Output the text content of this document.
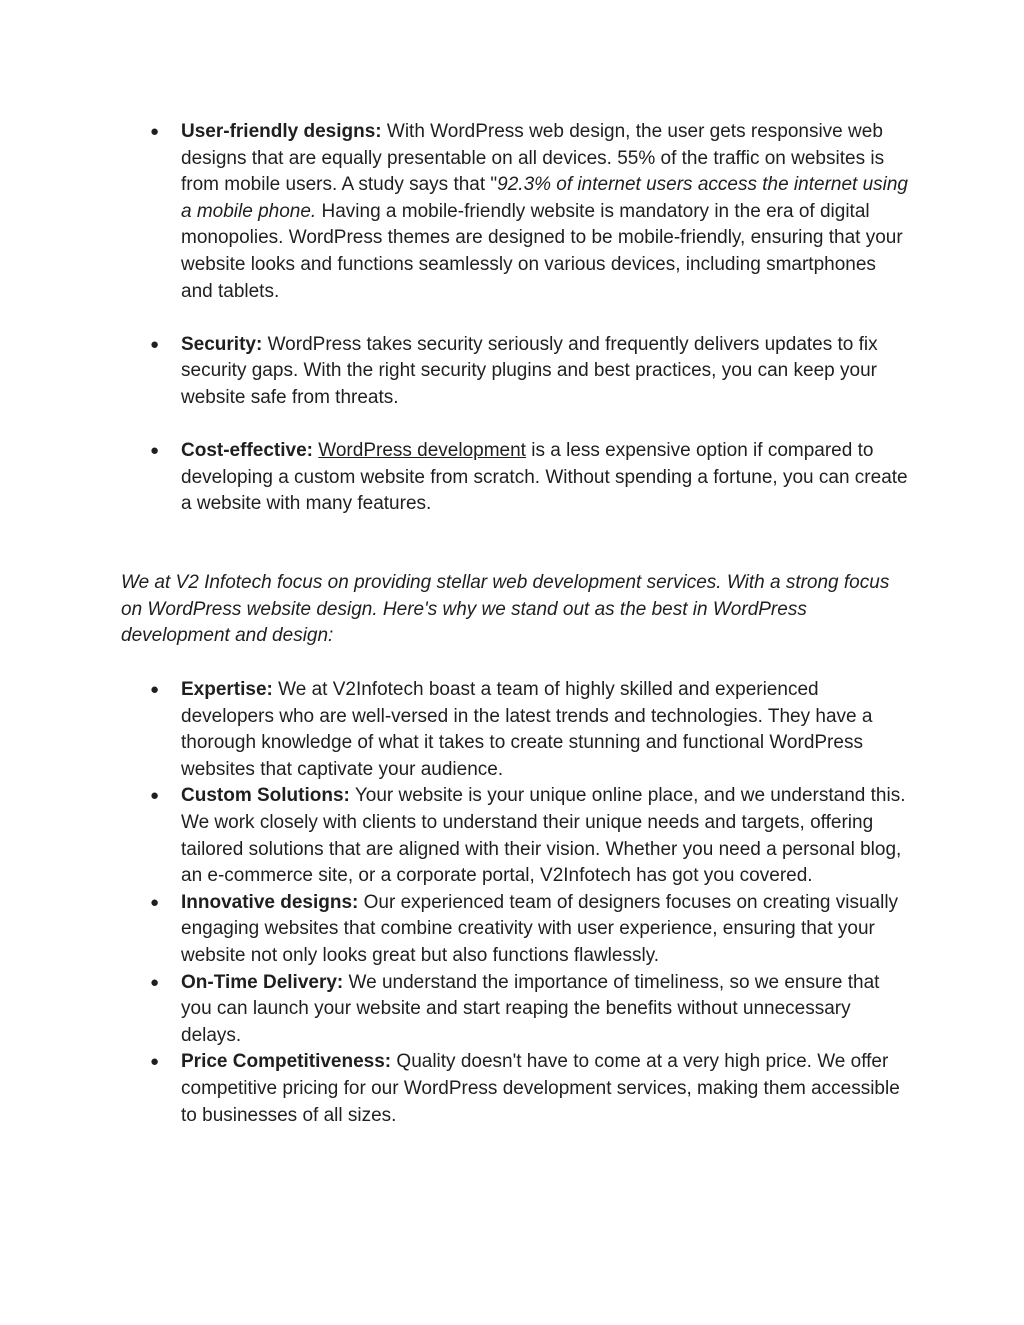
● User-friendly designs: With WordPress web design, the user gets responsive web designs that are equally presentable on all devices. 55% of the traffic on websites is from mobile users. A study says that "92.3% of internet users access the internet using a mobile phone. Having a mobile-friendly website is mandatory in the era of digital monopolies. WordPress themes are designed to be mobile-friendly, ensuring that your website looks and functions seamlessly on various devices, including smartphones and tablets.
● Security: WordPress takes security seriously and frequently delivers updates to fix security gaps. With the right security plugins and best practices, you can keep your website safe from threats.
● Cost-effective: WordPress development is a less expensive option if compared to developing a custom website from scratch. Without spending a fortune, you can create a website with many features.

We at V2 Infotech focus on providing stellar web development services. With a strong focus on WordPress website design. Here's why we stand out as the best in WordPress development and design:

● Expertise: We at V2Infotech boast a team of highly skilled and experienced developers who are well-versed in the latest trends and technologies. They have a thorough knowledge of what it takes to create stunning and functional WordPress websites that captivate your audience.
● Custom Solutions: Your website is your unique online place, and we understand this. We work closely with clients to understand their unique needs and targets, offering tailored solutions that are aligned with their vision. Whether you need a personal blog, an e-commerce site, or a corporate portal, V2Infotech has got you covered.
● Innovative designs: Our experienced team of designers focuses on creating visually engaging websites that combine creativity with user experience, ensuring that your website not only looks great but also functions flawlessly.
● On-Time Delivery: We understand the importance of timeliness, so we ensure that you can launch your website and start reaping the benefits without unnecessary delays.
● Price Competitiveness: Quality doesn't have to come at a very high price. We offer competitive pricing for our WordPress development services, making them accessible to businesses of all sizes.
